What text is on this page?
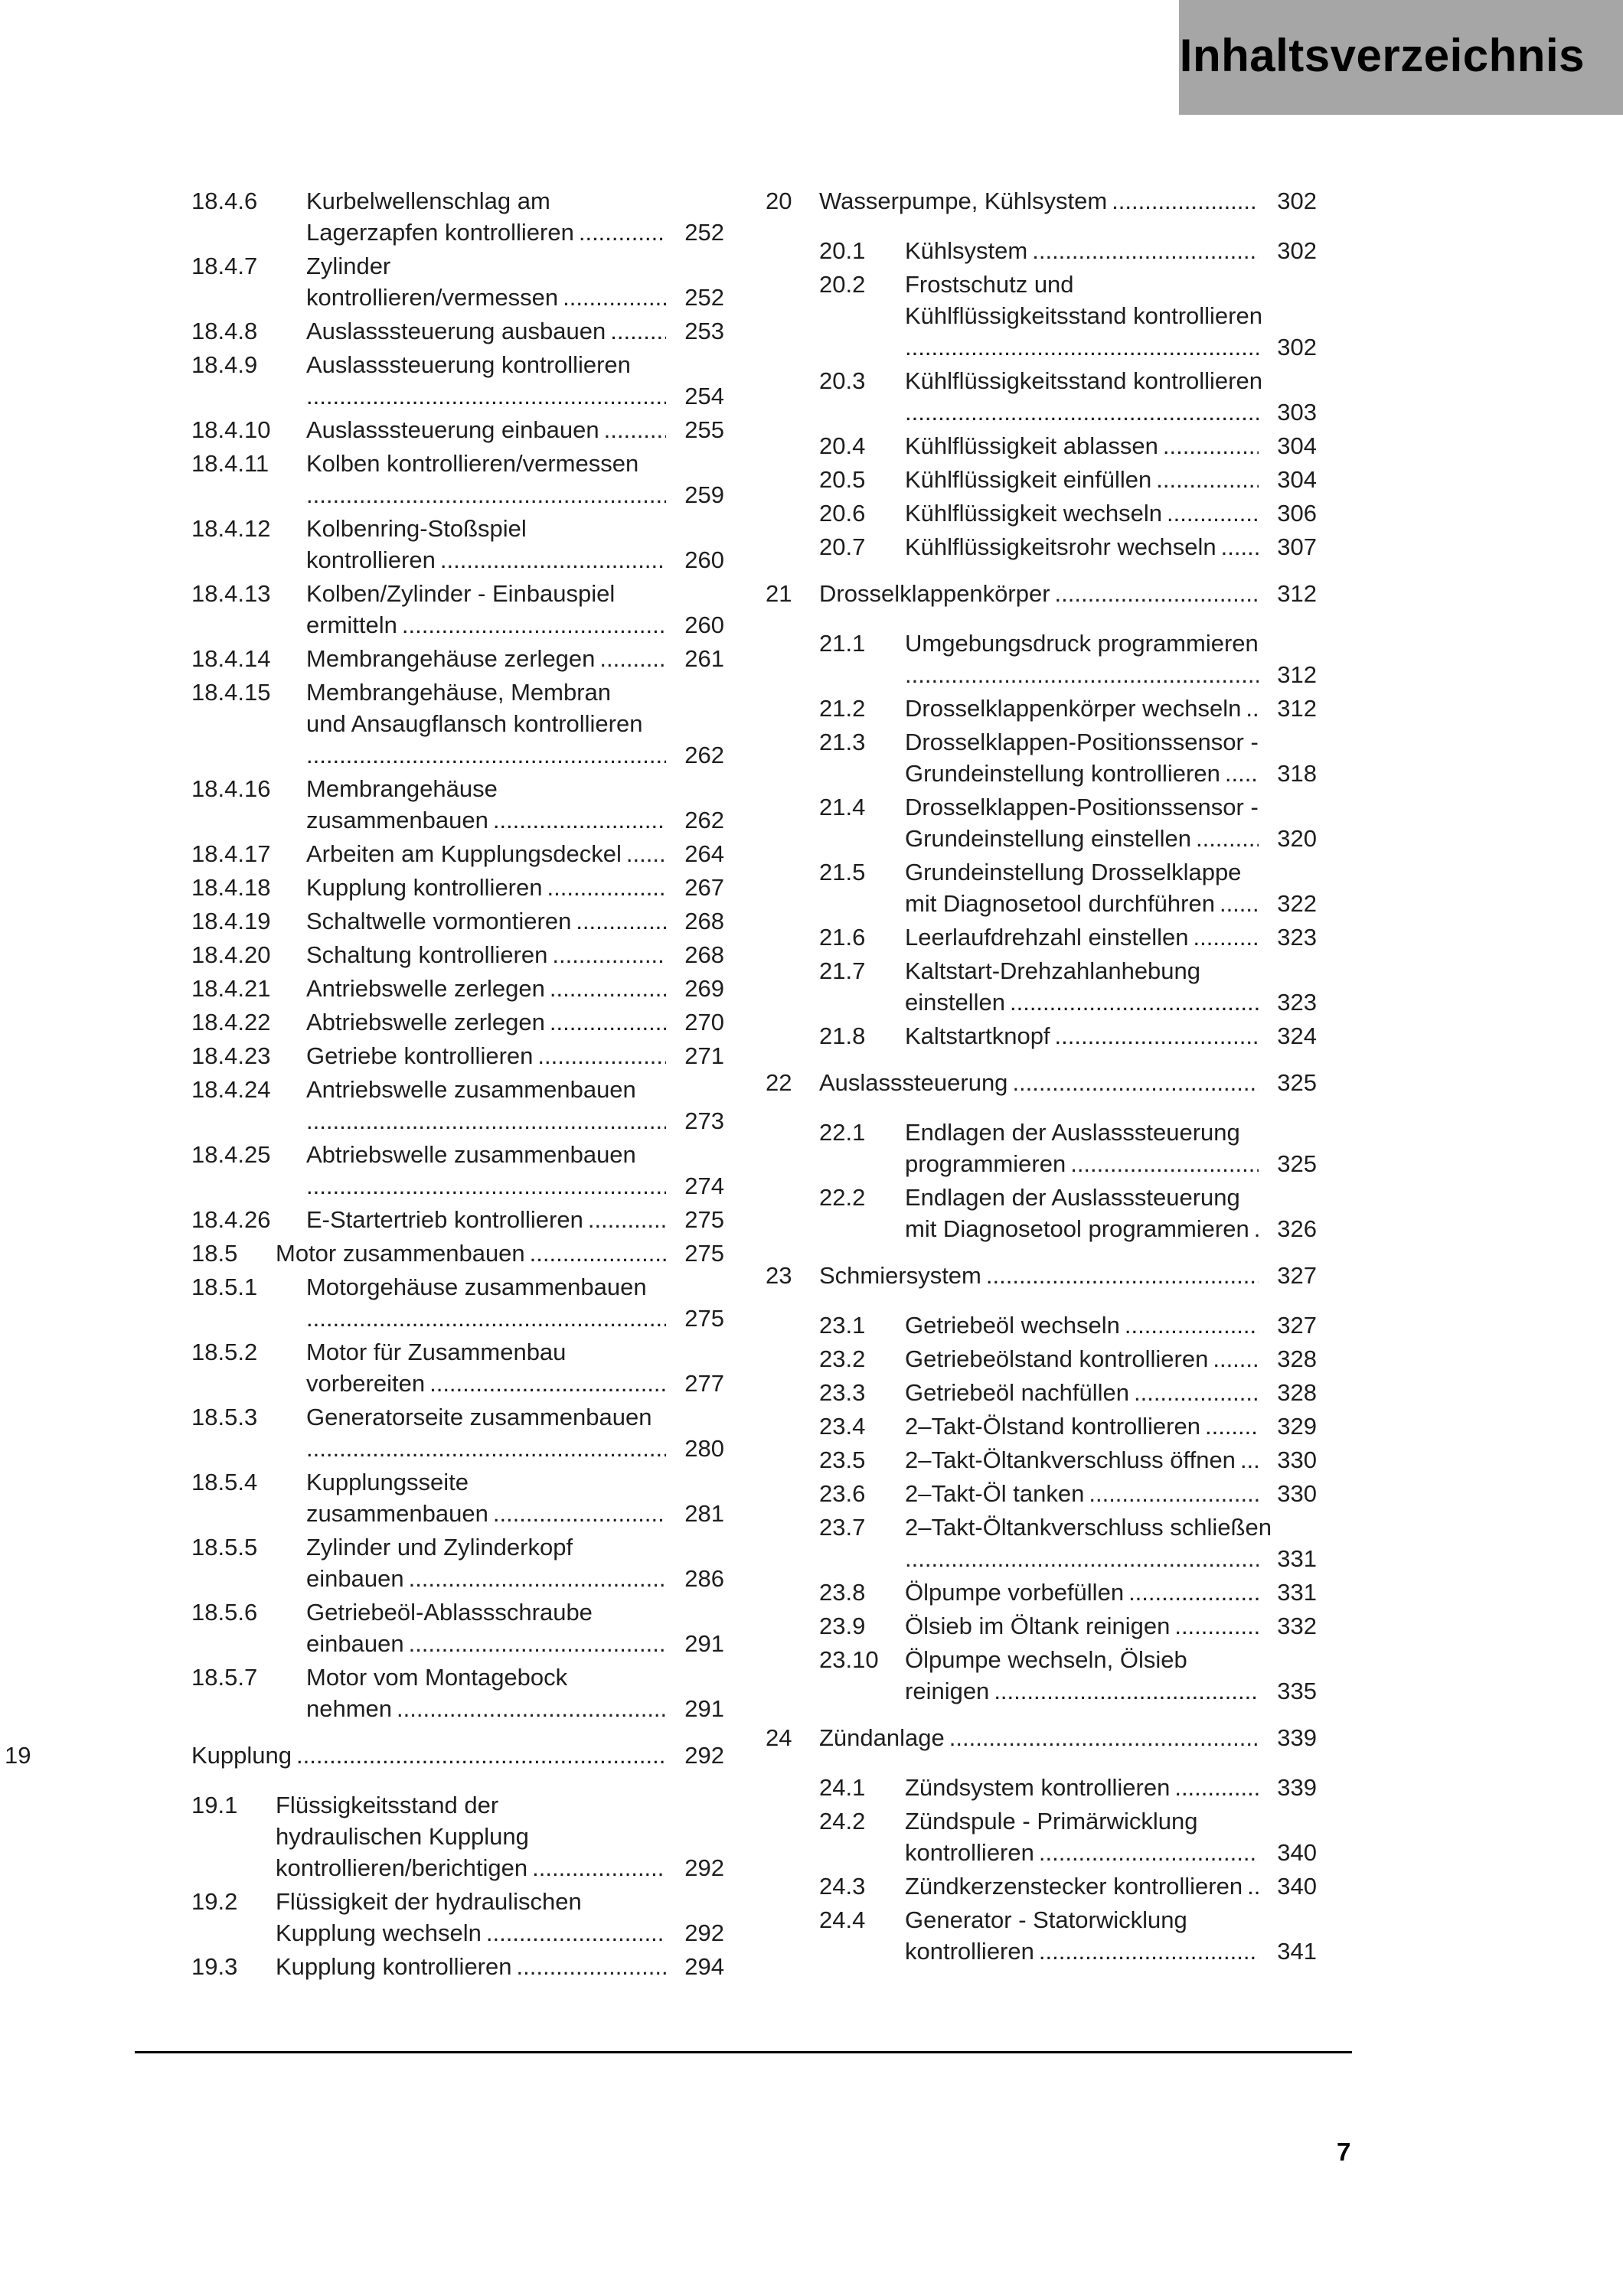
Inhaltsverzeichnis
18.4.6 Kurbelwellenschlag am
Lagerzapfen kontrollieren .....	252
18.4.7 Zylinder
kontrollieren/vermessen .....	252
18.4.8 Auslasssteuerung ausbauen .....	253
18.4.9 Auslasssteuerung kontrollieren
.....
254
18.4.10 Auslasssteuerung einbauen .....	255
18.4.11 Kolben kontrollieren/vermessen
.....
259
18.4.12 Kolbenring-Stoßspiel
kontrollieren .....	260
18.4.13 Kolben/Zylinder - Einbauspiel
ermitteln .....	260
18.4.14 Membrangehäuse zerlegen .....	261
18.4.15 Membrangehäuse, Membran
und Ansaugflansch kontrollieren
.....
262
18.4.16 Membrangehäuse
zusammenbauen .....	262
18.4.17 Arbeiten am Kupplungsdeckel .....	264
18.4.18 Kupplung kontrollieren .....	267
18.4.19 Schaltwelle vormontieren .....	268
18.4.20 Schaltung kontrollieren .....	268
18.4.21 Antriebswelle zerlegen .....	269
18.4.22 Abtriebswelle zerlegen .....	270
18.4.23 Getriebe kontrollieren .....	271
18.4.24 Antriebswelle zusammenbauen
.....
273
18.4.25 Abtriebswelle zusammenbauen
.....
274
18.4.26 E-Startertrieb kontrollieren .....	275
18.5 Motor zusammenbauen .....	275
18.5.1 Motorgehäuse zusammenbauen
.....
275
18.5.2 Motor für Zusammenbau
vorbereiten .....	277
18.5.3 Generatorseite zusammenbauen
.....
280
18.5.4 Kupplungsseite
zusammenbauen .....	281
18.5.5 Zylinder und Zylinderkopf
einbauen .....	286
18.5.6 Getriebeöl-Ablassschraube
einbauen .....	291
18.5.7 Motor vom Montagebock
nehmen .....	291
19	Kupplung .....	292
19.1 Flüssigkeitsstand der
hydraulischen Kupplung
kontrollieren/berichtigen .....	292
19.2 Flüssigkeit der hydraulischen
Kupplung wechseln .....	292
19.3 Kupplung kontrollieren .....	294
20 Wasserpumpe, Kühlsystem .....	302
20.1 Kühlsystem .....	302
20.2 Frostschutz und
Kühlflüssigkeitsstand kontrollieren
.....
302
20.3 Kühlflüssigkeitsstand kontrollieren
.....
303
20.4 Kühlflüssigkeit ablassen .....	304
20.5 Kühlflüssigkeit einfüllen .....	304
20.6 Kühlflüssigkeit wechseln .....	306
20.7 Kühlflüssigkeitsrohr wechseln .....	307
21 Drosselklappenkörper .....	312
21.1 Umgebungsdruck programmieren
.....
312
21.2 Drosselklappenkörper wechseln ..... 312
21.3 Drosselklappen-Positionssensor -
Grundeinstellung kontrollieren ..... 318
21.4 Drosselklappen-Positionssensor -
Grundeinstellung einstellen .....	320
21.5 Grundeinstellung Drosselklappe
mit Diagnosetool durchführen .....	322
21.6 Leerlaufdrehzahl einstellen .....	323
21.7 Kaltstart-Drehzahlanhebung
einstellen .....	323
21.8 Kaltstartknopf .....	324
22 Auslasssteuerung .....	325
22.1 Endlagen der Auslasssteuerung
programmieren .....	325
22.2 Endlagen der Auslasssteuerung
mit Diagnosetool programmieren ..... 326
23 Schmiersystem .....	327
23.1 Getriebeöl wechseln .....	327
23.2 Getriebeölstand kontrollieren .....	328
23.3 Getriebeöl nachfüllen .....	328
23.4 2–Takt-Ölstand kontrollieren .....	329
23.5 2–Takt-Öltankverschluss öffnen ..... 330
23.6 2–Takt-Öl tanken .....	330
23.7 2–Takt-Öltankverschluss schließen
.....
331
23.8 Ölpumpe vorbefüllen .....	331
23.9 Ölsieb im Öltank reinigen .....	332
23.10 Ölpumpe wechseln, Ölsieb
reinigen .....	335
24 Zündanlage .....	339
24.1 Zündsystem kontrollieren .....	339
24.2 Zündspule - Primärwicklung
kontrollieren .....	340
24.3 Zündkerzenstecker kontrollieren ..... 340
24.4 Generator - Statorwicklung
kontrollieren .....	341
7
